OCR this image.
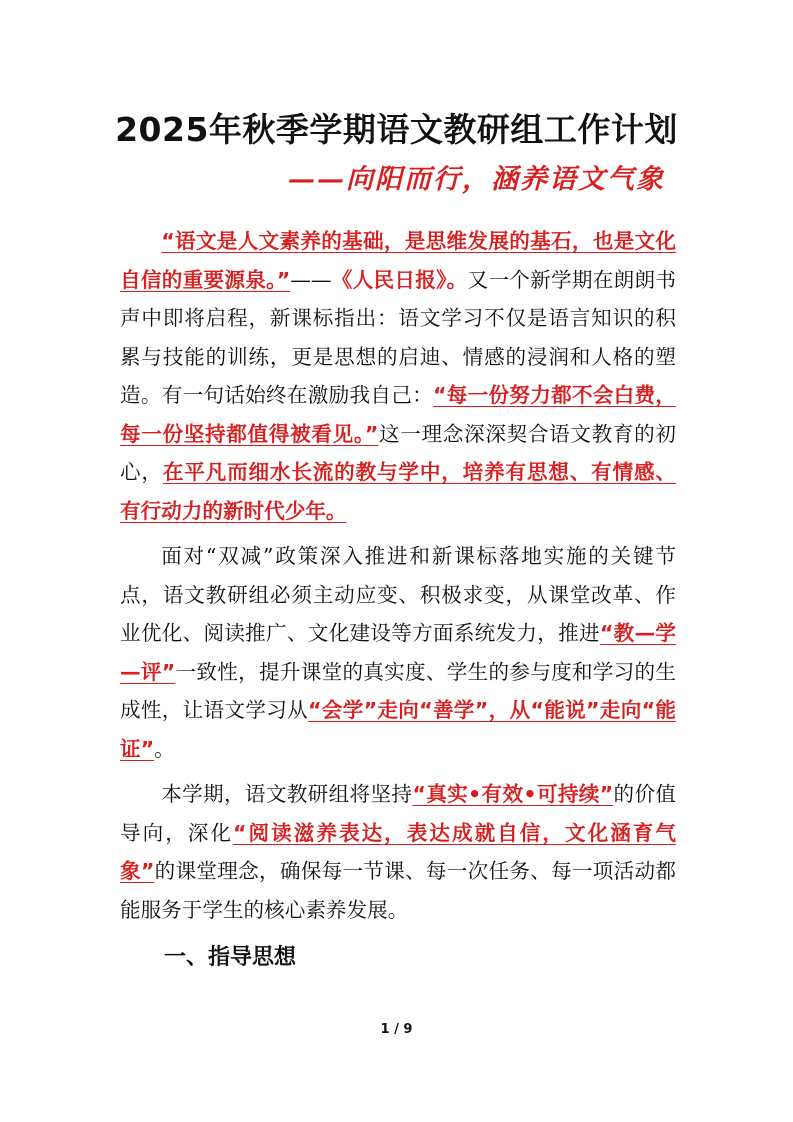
2025年秋季学期语文教研组工作计划
——向阳而行，涵养语文气象

“语文是人文素养的基础，是思维发展的基石，也是文化自信的重要源泉。”——《人民日报》。又一个新学期在朗朗书声中即将启程，新课标指出：语文学习不仅是语言知识的积累与技能的训练，更是思想的启迪、情感的浸润和人格的塑造。有一句话始终在激励我自己：“每一份努力都不会白费，每一份坚持都值得被看见。”这一理念深深契合语文教育的初心，在平凡而细水长流的教与学中，培养有思想、有情感、有行动力的新时代少年。

面对“双减”政策深入推进和新课标落地实施的关键节点，语文教研组必须主动应变、积极求变，从课堂改革、作业优化、阅读推广、文化建设等方面系统发力，推进“教—学—评”一致性，提升课堂的真实度、学生的参与度和学习的生成性，让语文学习从“会学”走向“善学”，从“能说”走向“能证”。

本学期，语文教研组将坚持“真实•有效•可持续”的价值导向，深化“阅读滋养表达，表达成就自信，文化涵育气象”的课堂理念，确保每一节课、每一次任务、每一项活动都能服务于学生的核心素养发展。

一、指导思想
1 / 9
